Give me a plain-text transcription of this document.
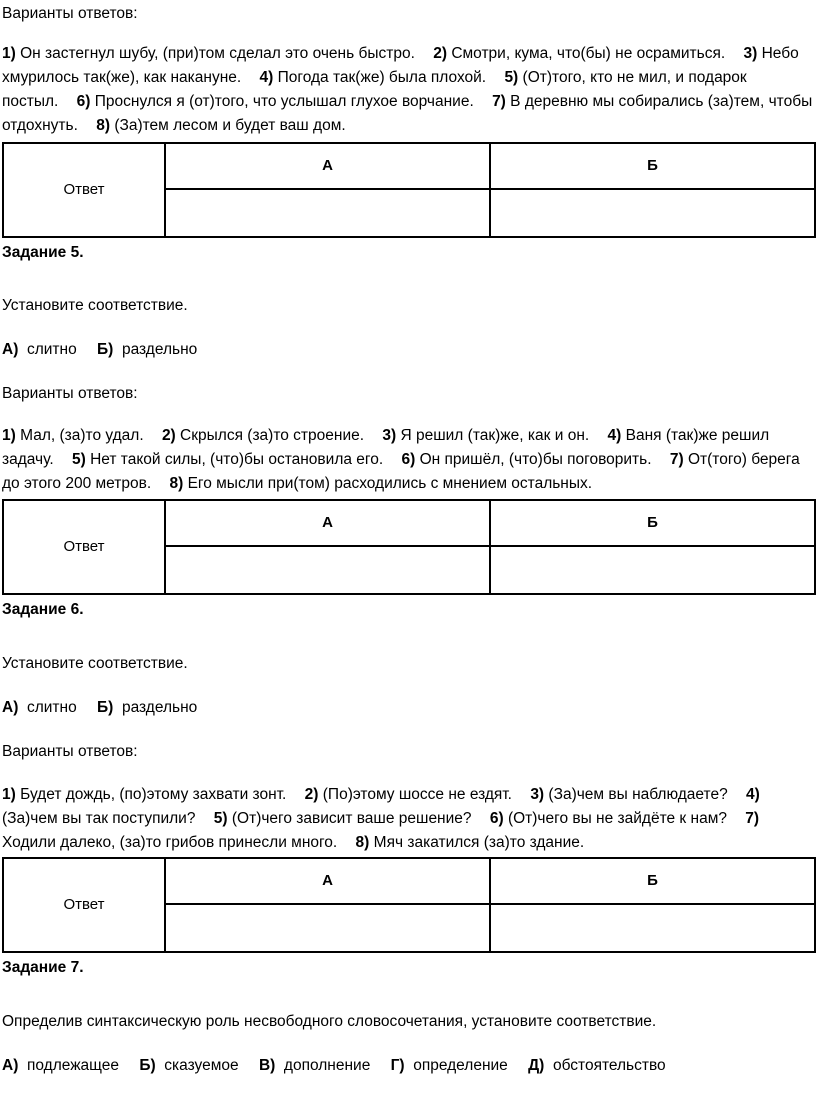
Варианты ответов:
1) Он застегнул шубу, (при)том сделал это очень быстро. 2) Смотри, кума, что(бы) не осрамиться. 3) Небо хмурилось так(же), как накануне. 4) Погода так(же) была плохой. 5) (От)того, кто не мил, и подарок постыл. 6) Проснулся я (от)того, что услышал глухое ворчание. 7) В деревню мы собирались (за)тем, чтобы отдохнуть. 8) (За)тем лесом и будет ваш дом.
Ответ	А	Б

Задание 5.
Установите соответствие.
А) слитно Б) раздельно
Варианты ответов:
1) Мал, (за)то удал. 2) Скрылся (за)то строение. 3) Я решил (так)же, как и он. 4) Ваня (так)же решил задачу. 5) Нет такой силы, (что)бы остановила его. 6) Он пришёл, (что)бы поговорить. 7) От(того) берега до этого 200 метров. 8) Его мысли при(том) расходились с мнением остальных.
Ответ	А	Б

Задание 6.
Установите соответствие.
А) слитно Б) раздельно
Варианты ответов:
1) Будет дождь, (по)этому захвати зонт. 2) (По)этому шоссе не ездят. 3) (За)чем вы наблюдаете? 4) (За)чем вы так поступили? 5) (От)чего зависит ваше решение? 6) (От)чего вы не зайдёте к нам? 7) Ходили далеко, (за)то грибов принесли много. 8) Мяч закатился (за)то здание.
Ответ	А	Б

Задание 7.
Определив синтаксическую роль несвободного словосочетания, установите соответствие.
А) подлежащее Б) сказуемое В) дополнение Г) определение Д) обстоятельство
